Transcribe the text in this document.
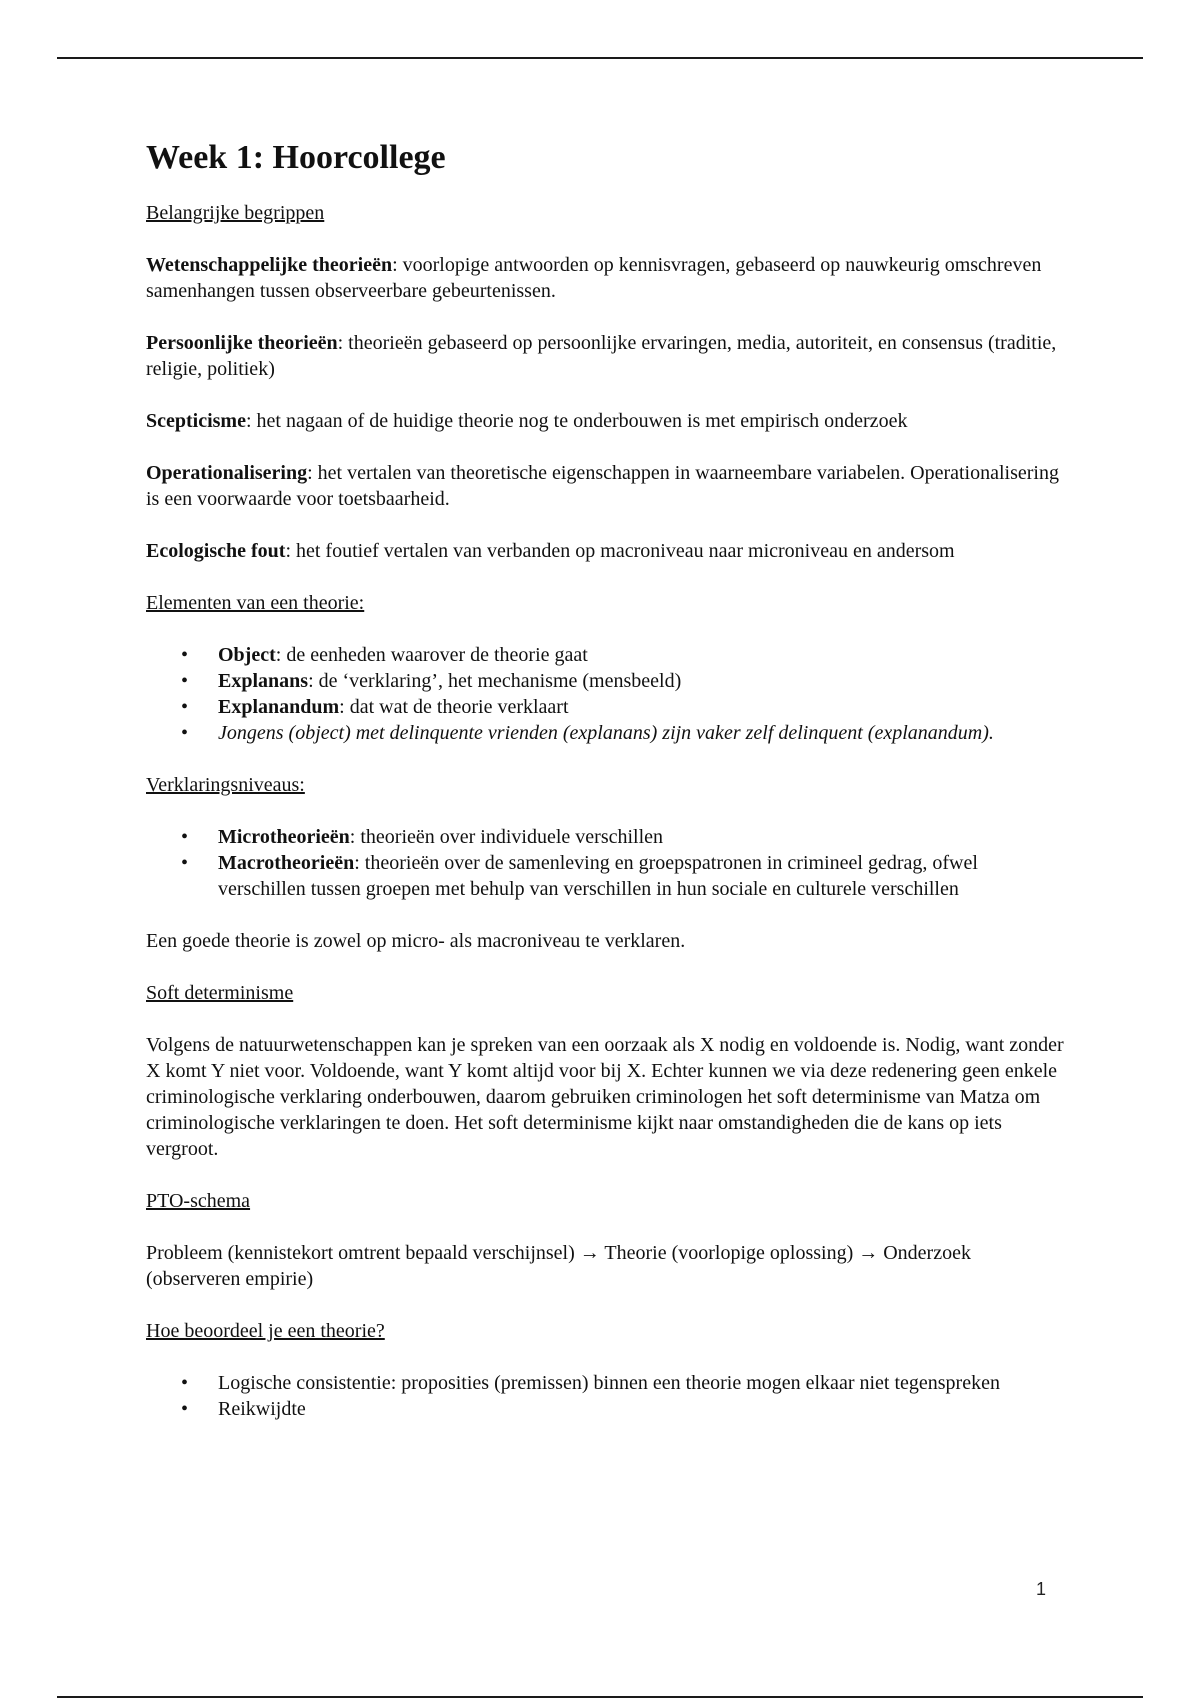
Week 1: Hoorcollege
Belangrijke begrippen

Wetenschappelijke theorieën: voorlopige antwoorden op kennisvragen, gebaseerd op nauwkeurig omschreven samenhangen tussen observeerbare gebeurtenissen.

Persoonlijke theorieën: theorieën gebaseerd op persoonlijke ervaringen, media, autoriteit, en consensus (traditie, religie, politiek)

Scepticisme: het nagaan of de huidige theorie nog te onderbouwen is met empirisch onderzoek

Operationalisering: het vertalen van theoretische eigenschappen in waarneembare variabelen. Operationalisering is een voorwaarde voor toetsbaarheid.

Ecologische fout: het foutief vertalen van verbanden op macroniveau naar microniveau en andersom

Elementen van een theorie:
• Object: de eenheden waarover de theorie gaat
• Explanans: de ‘verklaring’, het mechanisme (mensbeeld)
• Explanandum: dat wat de theorie verklaart
• Jongens (object) met delinquente vrienden (explanans) zijn vaker zelf delinquent (explanandum).
Verklaringsniveaus:
• Microtheorieën: theorieën over individuele verschillen
• Macrotheorieën: theorieën over de samenleving en groepspatronen in crimineel gedrag, ofwel verschillen tussen groepen met behulp van verschillen in hun sociale en culturele verschillen

Een goede theorie is zowel op micro- als macroniveau te verklaren.

Soft determinisme

Volgens de natuurwetenschappen kan je spreken van een oorzaak als X nodig en voldoende is. Nodig, want zonder X komt Y niet voor. Voldoende, want Y komt altijd voor bij X. Echter kunnen we via deze redenering geen enkele criminologische verklaring onderbouwen, daarom gebruiken criminologen het soft determinisme van Matza om criminologische verklaringen te doen. Het soft determinisme kijkt naar omstandigheden die de kans op iets vergroot.

PTO-schema

Probleem (kennistekort omtrent bepaald verschijnsel) → Theorie (voorlopige oplossing) → Onderzoek (observeren empirie)

Hoe beoordeel je een theorie?
• Logische consistentie: proposities (premissen) binnen een theorie mogen elkaar niet tegenspreken
• Reikwijdte
1
